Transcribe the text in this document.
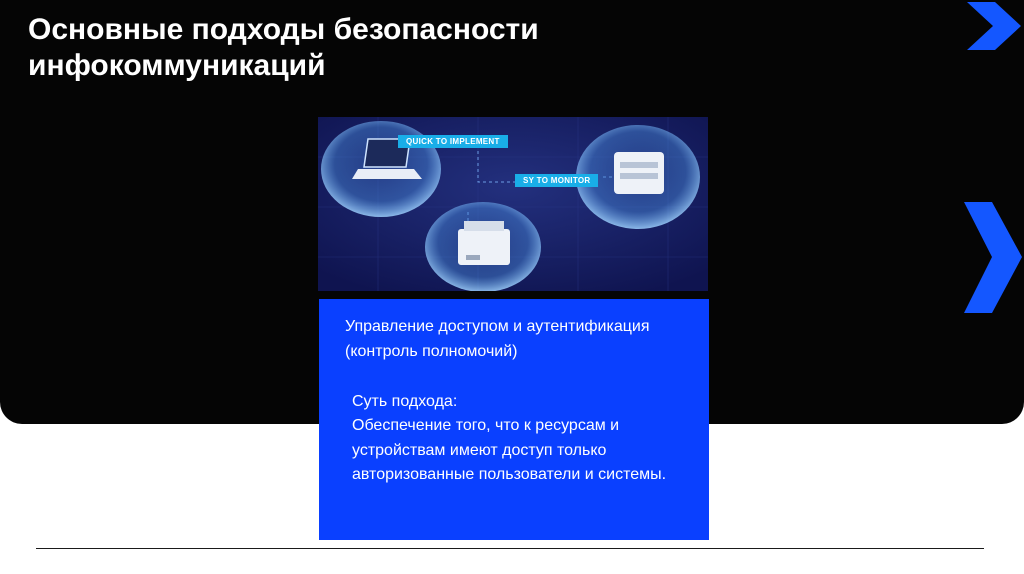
Основные подходы безопасности инфокоммуникаций
QUICK TO IMPLEMENT
SY TO MONITOR

Управление доступом и аутентификация (контроль полномочий)

Суть подхода:
Обеспечение того, что к ресурсам и устройствам имеют доступ только авторизованные пользователи и системы.
